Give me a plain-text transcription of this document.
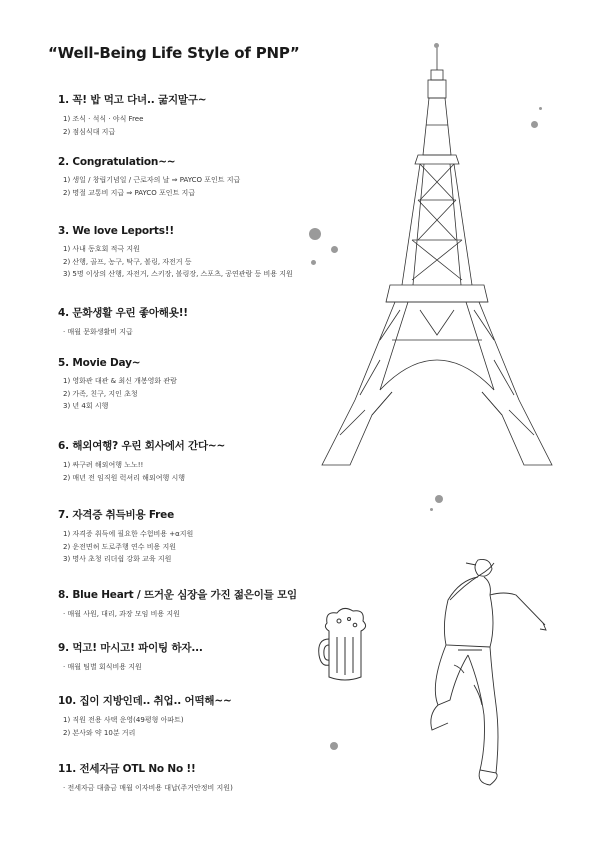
“Well-Being Life Style of PNP”
1. 꼭! 밥 먹고 다녀.. 굶지말구~
1) 조식 · 석식 · 야식 Free
2) 점심식대 지급
2. Congratulation~~
1) 생일 / 창립기념일 / 근로자의 날 ⇒ PAYCO 포인트 지급
2) 명절 교통비 지급 ⇒ PAYCO 포인트 지급
3. We love Leports!!
1) 사내 동호회 적극 지원
2) 산행, 골프, 농구, 탁구, 볼링, 자전거 등
3) 5명 이상의 산행, 자전거, 스키장, 볼링장, 스포츠, 공연관람 등 비용 지원
4. 문화생활 우린 좋아해욧!!
· 매월 문화생활비 지급
5. Movie Day~
1) 영화관 대관 & 최신 개봉영화 관람
2) 가족, 친구, 지인 초청
3) 년 4회 시행
6. 해외여행? 우린 회사에서 간다~~
1) 싸구려 해외여행 노노!!
2) 매년 전 임직원 럭셔리 해외여행 시행
7. 자격증 취득비용 Free
1) 자격증 취득에 필요한 수험비용 +α지원
2) 운전면허 도로주행 연수 비용 지원
3) 명사 초청 리더쉽 강화 교육 지원
8. Blue Heart / 뜨거운 심장을 가진 젊은이들 모임
· 매월 사원, 대리, 과장 모임 비용 지원
9. 먹고! 마시고! 파이팅 하자...
· 매월 팀별 회식비용 지원
10. 집이 지방인데.. 취업.. 어떡해~~
1) 직원 전용 사택 운영(49평형 아파트)
2) 본사와 약 10분 거리
11. 전세자금 OTL No No !!
· 전세자금 대출금 매월 이자비용 대납(주거안정비 지원)
